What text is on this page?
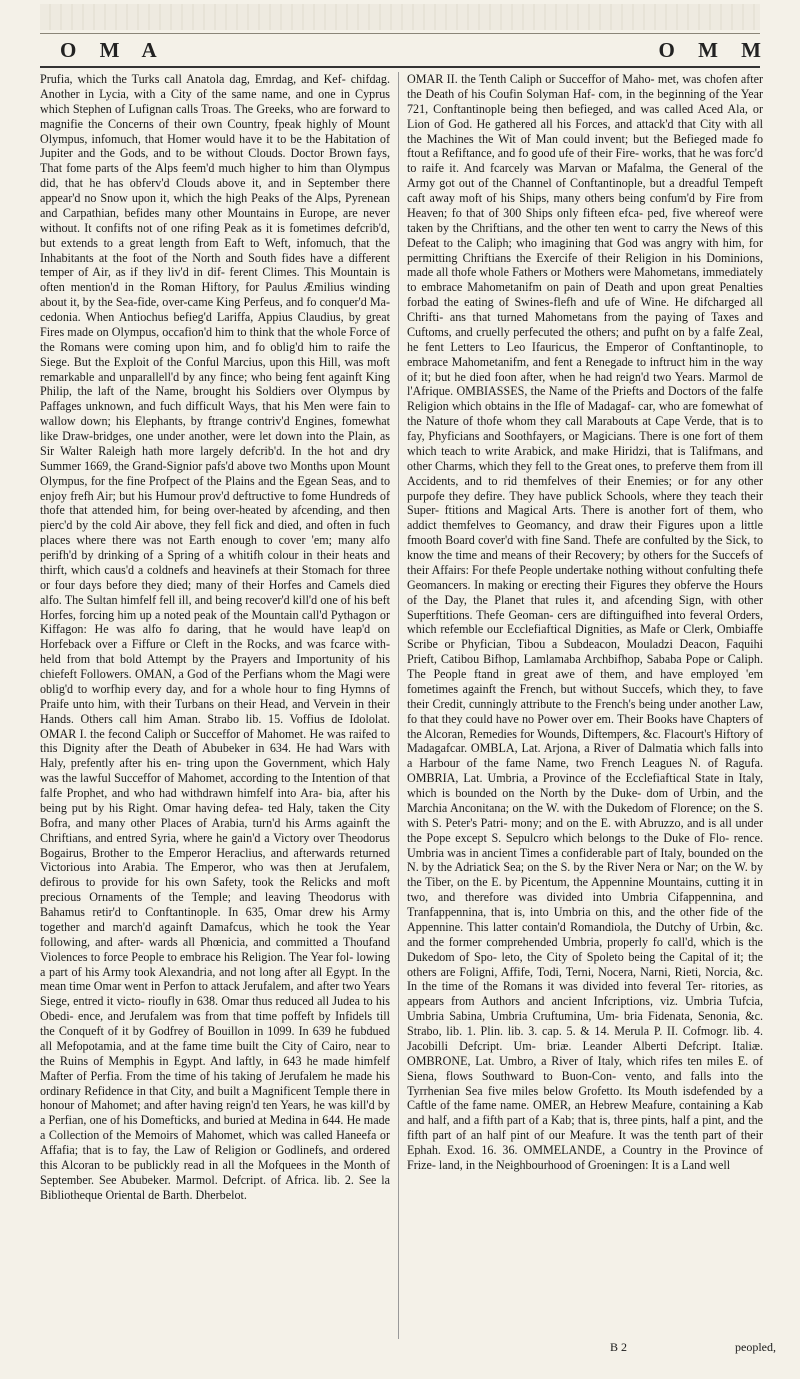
O M A	O M M

Prufia, which the Turks call Anatola dag, Emrdag, and Kef- chifdag. Another in Lycia, with a City of the same name, and one in Cyprus which Stephen of Lufignan calls Troas. The Greeks, who are forward to magnifie the Concerns of their own Country, fpeak highly of Mount Olympus, infomuch, that Homer would have it to be the Habitation of Jupiter and the Gods, and to be without Clouds. Doctor Brown fays, That fome parts of the Alps feem'd much higher to him than Olympus did, that he has obferv'd Clouds above it, and in September there appear'd no Snow upon it, which the high Peaks of the Alps, Pyrenean and Carpathian, befides many other Mountains in Europe, are never without. It confifts not of one rifing Peak as it is fometimes defcrib'd, but extends to a great length from Eaft to Weft, infomuch, that the Inhabitants at the foot of the North and South fides have a different temper of Air, as if they liv'd in dif- ferent Climes. This Mountain is often mention'd in the Roman Hiftory, for Paulus Æmilius winding about it, by the Sea-fide, over-came King Perfeus, and fo conquer'd Ma- cedonia. When Antiochus befieg'd Lariffa, Appius Claudius, by great Fires made on Olympus, occafion'd him to think that the whole Force of the Romans were coming upon him, and fo oblig'd him to raife the Siege. But the Exploit of the Conful Marcius, upon this Hill, was moft remarkable and unparallell'd by any fince; who being fent againft King Philip, the laft of the Name, brought his Soldiers over Olympus by Paffages unknown, and fuch difficult Ways, that his Men were fain to wallow down; his Elephants, by ftrange contriv'd Engines, fomewhat like Draw-bridges, one under another, were let down into the Plain, as Sir Walter Raleigh hath more largely defcrib'd. In the hot and dry Summer 1669, the Grand-Signior pafs'd above two Months upon Mount Olympus, for the fine Profpect of the Plains and the Egean Seas, and to enjoy frefh Air; but his Humour prov'd deftructive to fome Hundreds of thofe that attended him, for being over-heated by afcending, and then pierc'd by the cold Air above, they fell fick and died, and often in fuch places where there was not Earth enough to cover 'em; many alfo perifh'd by drinking of a Spring of a whitifh colour in their heats and thirft, which caus'd a coldnefs and heavinefs at their Stomach for three or four days before they died; many of their Horfes and Camels died alfo. The Sultan himfelf fell ill, and being recover'd kill'd one of his beft Horfes, forcing him up a noted peak of the Mountain call'd Pythagon or Kiffagon: He was alfo fo daring, that he would have leap'd on Horfeback over a Fiffure or Cleft in the Rocks, and was fcarce with-held from that bold Attempt by the Prayers and Importunity of his chiefeft Followers. OMAN, a God of the Perfians whom the Magi were oblig'd to worfhip every day, and for a whole hour to fing Hymns of Praife unto him, with their Turbans on their Head, and Vervein in their Hands. Others call him Aman. Strabo lib. 15. Voffius de Idololat. OMAR I. the fecond Caliph or Succeffor of Mahomet. He was raifed to this Dignity after the Death of Abubeker in 634. He had Wars with Haly, prefently after his en- tring upon the Government, which Haly was the lawful Succeffor of Mahomet, according to the Intention of that falfe Prophet, and who had withdrawn himfelf into Ara- bia, after his being put by his Right. Omar having defea- ted Haly, taken the City Bofra, and many other Places of Arabia, turn'd his Arms againft the Chriftians, and entred Syria, where he gain'd a Victory over Theodorus Bogairus, Brother to the Emperor Heraclius, and afterwards returned Victorious into Arabia. The Emperor, who was then at Jerufalem, defirous to provide for his own Safety, took the Relicks and moft precious Ornaments of the Temple; and leaving Theodorus with Bahamus retir'd to Conftantinople. In 635, Omar drew his Army together and march'd againft Damafcus, which he took the Year following, and after- wards all Phœnicia, and committed a Thoufand Violences to force People to embrace his Religion. The Year fol- lowing a part of his Army took Alexandria, and not long after all Egypt. In the mean time Omar went in Perfon to attack Jerufalem, and after two Years Siege, entred it victo- rioufly in 638. Omar thus reduced all Judea to his Obedi- ence, and Jerufalem was from that time poffeft by Infidels till the Conqueft of it by Godfrey of Bouillon in 1099. In 639 he fubdued all Mefopotamia, and at the fame time built the City of Cairo, near to the Ruins of Memphis in Egypt. And laftly, in 643 he made himfelf Mafter of Perfia. From the time of his taking of Jerufalem he made his ordinary Refidence in that City, and built a Magnificent Temple there in honour of Mahomet; and after having reign'd ten Years, he was kill'd by a Perfian, one of his Domefticks, and buried at Medina in 644. He made a Collection of the Memoirs of Mahomet, which was called Haneefa or Affafia; that is to fay, the Law of Religion or Godlinefs, and ordered this Alcoran to be publickly read in all the Mofquees in the Month of September. See Abubeker. Marmol. Defcript. of Africa. lib. 2. See la Bibliotheque Oriental de Barth. Dherbelot.

OMAR II. the Tenth Caliph or Succeffor of Maho- met, was chofen after the Death of his Coufin Solyman Haf- com, in the beginning of the Year 721, Conftantinople being then befieged, and was called Aced Ala, or Lion of God. He gathered all his Forces, and attack'd that City with all the Machines the Wit of Man could invent; but the Befieged made fo ftout a Refiftance, and fo good ufe of their Fire- works, that he was forc'd to raife it. And fcarcely was Marvan or Mafalma, the General of the Army got out of the Channel of Conftantinople, but a dreadful Tempeft caft away moft of his Ships, many others being confum'd by Fire from Heaven; fo that of 300 Ships only fifteen efca- ped, five whereof were taken by the Chriftians, and the other ten went to carry the News of this Defeat to the Caliph; who imagining that God was angry with him, for permitting Chriftians the Exercife of their Religion in his Dominions, made all thofe whole Fathers or Mothers were Mahometans, immediately to embrace Mahometanifm on pain of Death and upon great Penalties forbad the eating of Swines-flefh and ufe of Wine. He difcharged all Chrifti- ans that turned Mahometans from the paying of Taxes and Cuftoms, and cruelly perfecuted the others; and pufht on by a falfe Zeal, he fent Letters to Leo Ifauricus, the Emperor of Conftantinople, to embrace Mahometanifm, and fent a Renegade to inftruct him in the way of it; but he died foon after, when he had reign'd two Years. Marmol de l'Afrique. OMBIASSES, the Name of the Priefts and Doctors of the falfe Religion which obtains in the Ifle of Madagaf- car, who are fomewhat of the Nature of thofe whom they call Marabouts at Cape Verde, that is to fay, Phyficians and Soothfayers, or Magicians. There is one fort of them which teach to write Arabick, and make Hiridzi, that is Talifmans, and other Charms, which they fell to the Great ones, to preferve them from ill Accidents, and to rid themfelves of their Enemies; or for any other purpofe they defire. They have publick Schools, where they teach their Super- ftitions and Magical Arts. There is another fort of them, who addict themfelves to Geomancy, and draw their Figures upon a little fmooth Board cover'd with fine Sand. Thefe are confulted by the Sick, to know the time and means of their Recovery; by others for the Succefs of their Affairs: For thefe People undertake nothing without confulting thefe Geomancers. In making or erecting their Figures they obferve the Hours of the Day, the Planet that rules it, and afcending Sign, with other Superftitions. Thefe Geoman- cers are diftinguifhed into feveral Orders, which refemble our Ecclefiaftical Dignities, as Mafe or Clerk, Ombiaffe Scribe or Phyfician, Tibou a Subdeacon, Mouladzi Deacon, Faquihi Prieft, Catibou Bifhop, Lamlamaba Archbifhop, Sababa Pope or Caliph. The People ftand in great awe of them, and have employed 'em fometimes againft the French, but without Succefs, which they, to fave their Credit, cunningly attribute to the French's being under another Law, fo that they could have no Power over em. Their Books have Chapters of the Alcoran, Remedies for Wounds, Diftempers, &c. Flacourt's Hiftory of Madagafcar. OMBLA, Lat. Arjona, a River of Dalmatia which falls into a Harbour of the fame Name, two French Leagues N. of Ragufa. OMBRIA, Lat. Umbria, a Province of the Ecclefiaftical State in Italy, which is bounded on the North by the Duke- dom of Urbin, and the Marchia Anconitana; on the W. with the Dukedom of Florence; on the S. with S. Peter's Patri- mony; and on the E. with Abruzzo, and is all under the Pope except S. Sepulcro which belongs to the Duke of Flo- rence. Umbria was in ancient Times a confiderable part of Italy, bounded on the N. by the Adriatick Sea; on the S. by the River Nera or Nar; on the W. by the Tiber, on the E. by Picentum, the Appennine Mountains, cutting it in two, and therefore was divided into Umbria Cifappennina, and Tranfappennina, that is, into Umbria on this, and the other fide of the Appennine. This latter contain'd Romandiola, the Dutchy of Urbin, &c. and the former comprehended Umbria, properly fo call'd, which is the Dukedom of Spo- leto, the City of Spoleto being the Capital of it; the others are Foligni, Affife, Todi, Terni, Nocera, Narni, Rieti, Norcia, &c. In the time of the Romans it was divided into feveral Ter- ritories, as appears from Authors and ancient Infcriptions, viz. Umbria Tufcia, Umbria Sabina, Umbria Cruftumina, Um- bria Fidenata, Senonia, &c. Strabo, lib. 1. Plin. lib. 3. cap. 5. & 14. Merula P. II. Cofmogr. lib. 4. Jacobilli Defcript. Um- briæ. Leander Alberti Defcript. Italiæ. OMBRONE, Lat. Umbro, a River of Italy, which rifes ten miles E. of Siena, flows Southward to Buon-Con- vento, and falls into the Tyrrhenian Sea five miles below Grofetto. Its Mouth isdefended by a Caftle of the fame name. OMER, an Hebrew Meafure, containing a Kab and half, and a fifth part of a Kab; that is, three pints, half a pint, and the fifth part of an half pint of our Meafure. It was the tenth part of their Ephah. Exod. 16. 36. OMMELANDE, a Country in the Province of Frize- land, in the Neighbourhood of Groeningen: It is a Land well

B 2	peopled,
